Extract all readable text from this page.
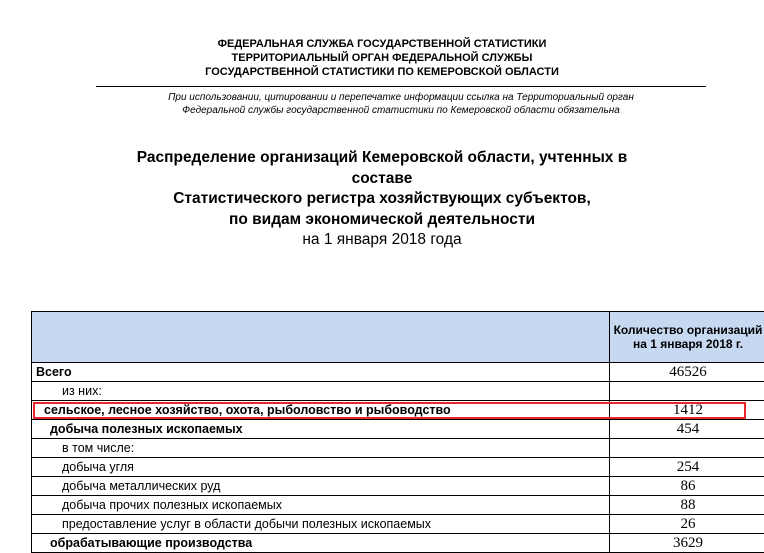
ФЕДЕРАЛЬНАЯ СЛУЖБА ГОСУДАРСТВЕННОЙ СТАТИСТИКИ
ТЕРРИТОРИАЛЬНЫЙ ОРГАН ФЕДЕРАЛЬНОЙ СЛУЖБЫ
ГОСУДАРСТВЕННОЙ СТАТИСТИКИ ПО КЕМЕРОВСКОЙ ОБЛАСТИ
При использовании, цитировании и перепечатке информации ссылка на Территориальный орган
Федеральной службы государственной статистики по Кемеровской области обязательна
Распределение организаций Кемеровской области, учтенных в
составе
Статистического регистра хозяйствующих субъектов,
по видам экономической деятельности
на 1 января 2018 года
	Количество организаций на 1 января 2018 г.
Всего	46526
из них:	
сельское, лесное хозяйство, охота, рыболовство и рыбоводство	1412
добыча полезных ископаемых	454
в том числе:	
добыча угля	254
добыча металлических руд	86
добыча прочих полезных ископаемых	88
предоставление услуг в области добычи полезных ископаемых	26
обрабатывающие производства	3629
